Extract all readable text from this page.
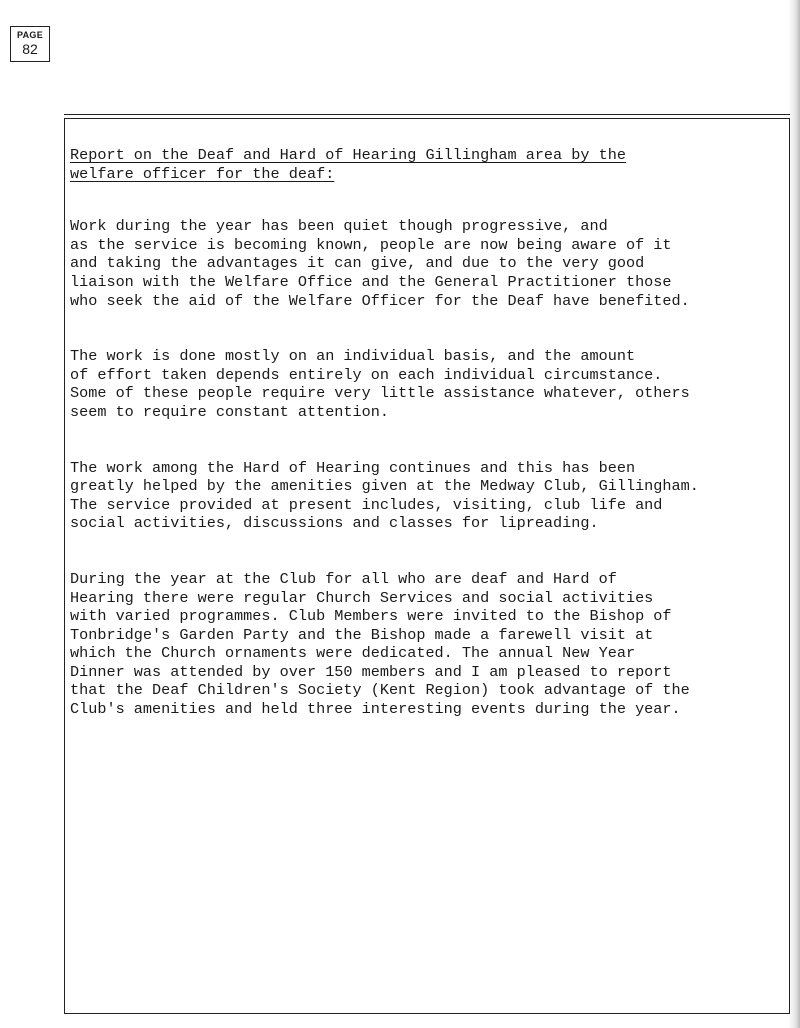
PAGE
82
Report on the Deaf and Hard of Hearing Gillingham area by the
welfare officer for the deaf:
Work during the year has been quiet though progressive, and
as the service is becoming known, people are now being aware of it
and taking the advantages it can give, and due to the very good
liaison with the Welfare Office and the General Practitioner those
who seek the aid of the Welfare Officer for the Deaf have benefited.
The work is done mostly on an individual basis, and the amount
of effort taken depends entirely on each individual circumstance.
Some of these people require very little assistance whatever, others
seem to require constant attention.
The work among the Hard of Hearing continues and this has been
greatly helped by the amenities given at the Medway Club, Gillingham.
The service provided at present includes, visiting, club life and
social activities, discussions and classes for lipreading.
During the year at the Club for all who are deaf and Hard of
Hearing there were regular Church Services and social activities
with varied programmes. Club Members were invited to the Bishop of
Tonbridge's Garden Party and the Bishop made a farewell visit at
which the Church ornaments were dedicated. The annual New Year
Dinner was attended by over 150 members and I am pleased to report
that the Deaf Children's Society (Kent Region) took advantage of the
Club's amenities and held three interesting events during the year.
